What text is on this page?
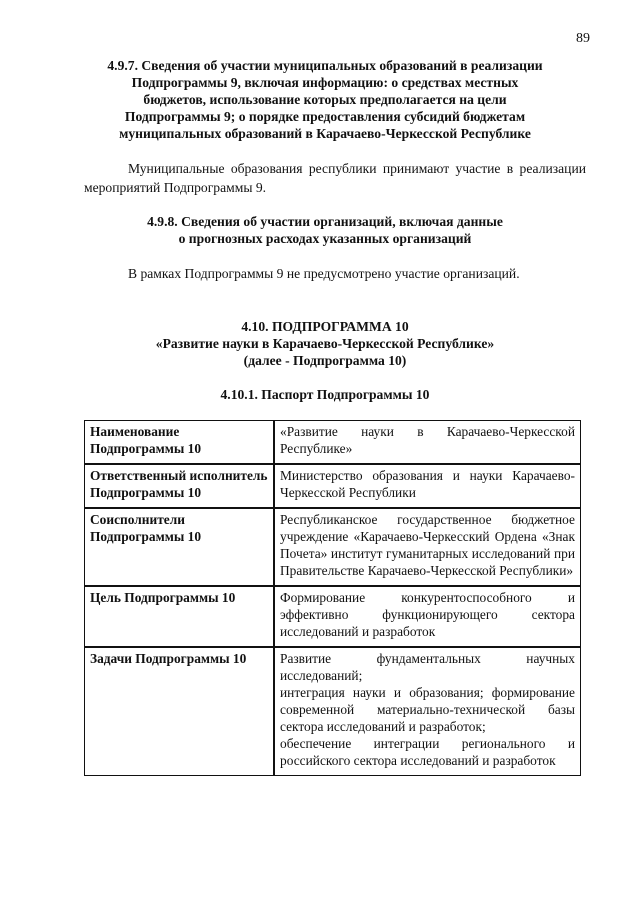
89
4.9.7. Сведения об участии муниципальных образований в реализации
Подпрограммы 9, включая информацию: о средствах местных
бюджетов, использование которых предполагается на цели
Подпрограммы 9; о порядке предоставления субсидий бюджетам
муниципальных образований в Карачаево-Черкесской Республике
Муниципальные образования республики принимают участие в реализации мероприятий Подпрограммы 9.
4.9.8. Сведения об участии организаций, включая данные
о прогнозных расходах указанных организаций
В рамках Подпрограммы 9 не предусмотрено участие организаций.
4.10. ПОДПРОГРАММА 10
«Развитие науки в Карачаево-Черкесской Республике»
(далее - Подпрограмма 10)
4.10.1. Паспорт Подпрограммы 10
Наименование Подпрограммы 10	«Развитие науки в Карачаево-Черкесской Республике»
Ответственный исполнитель Подпрограммы 10	Министерство образования и науки Карачаево-Черкесской Республики
Соисполнители Подпрограммы 10	Республиканское государственное бюджетное учреждение «Карачаево-Черкесский Ордена «Знак Почета» институт гуманитарных исследований при Правительстве Карачаево-Черкесской Республики»
Цель Подпрограммы 10	Формирование конкурентоспособного и эффективно функционирующего сектора исследований и разработок
Задачи Подпрограммы 10	Развитие фундаментальных научных исследований;
интеграция науки и образования; формирование современной материально-технической базы сектора исследований и разработок;
обеспечение интеграции регионального и российского сектора исследований и разработок
